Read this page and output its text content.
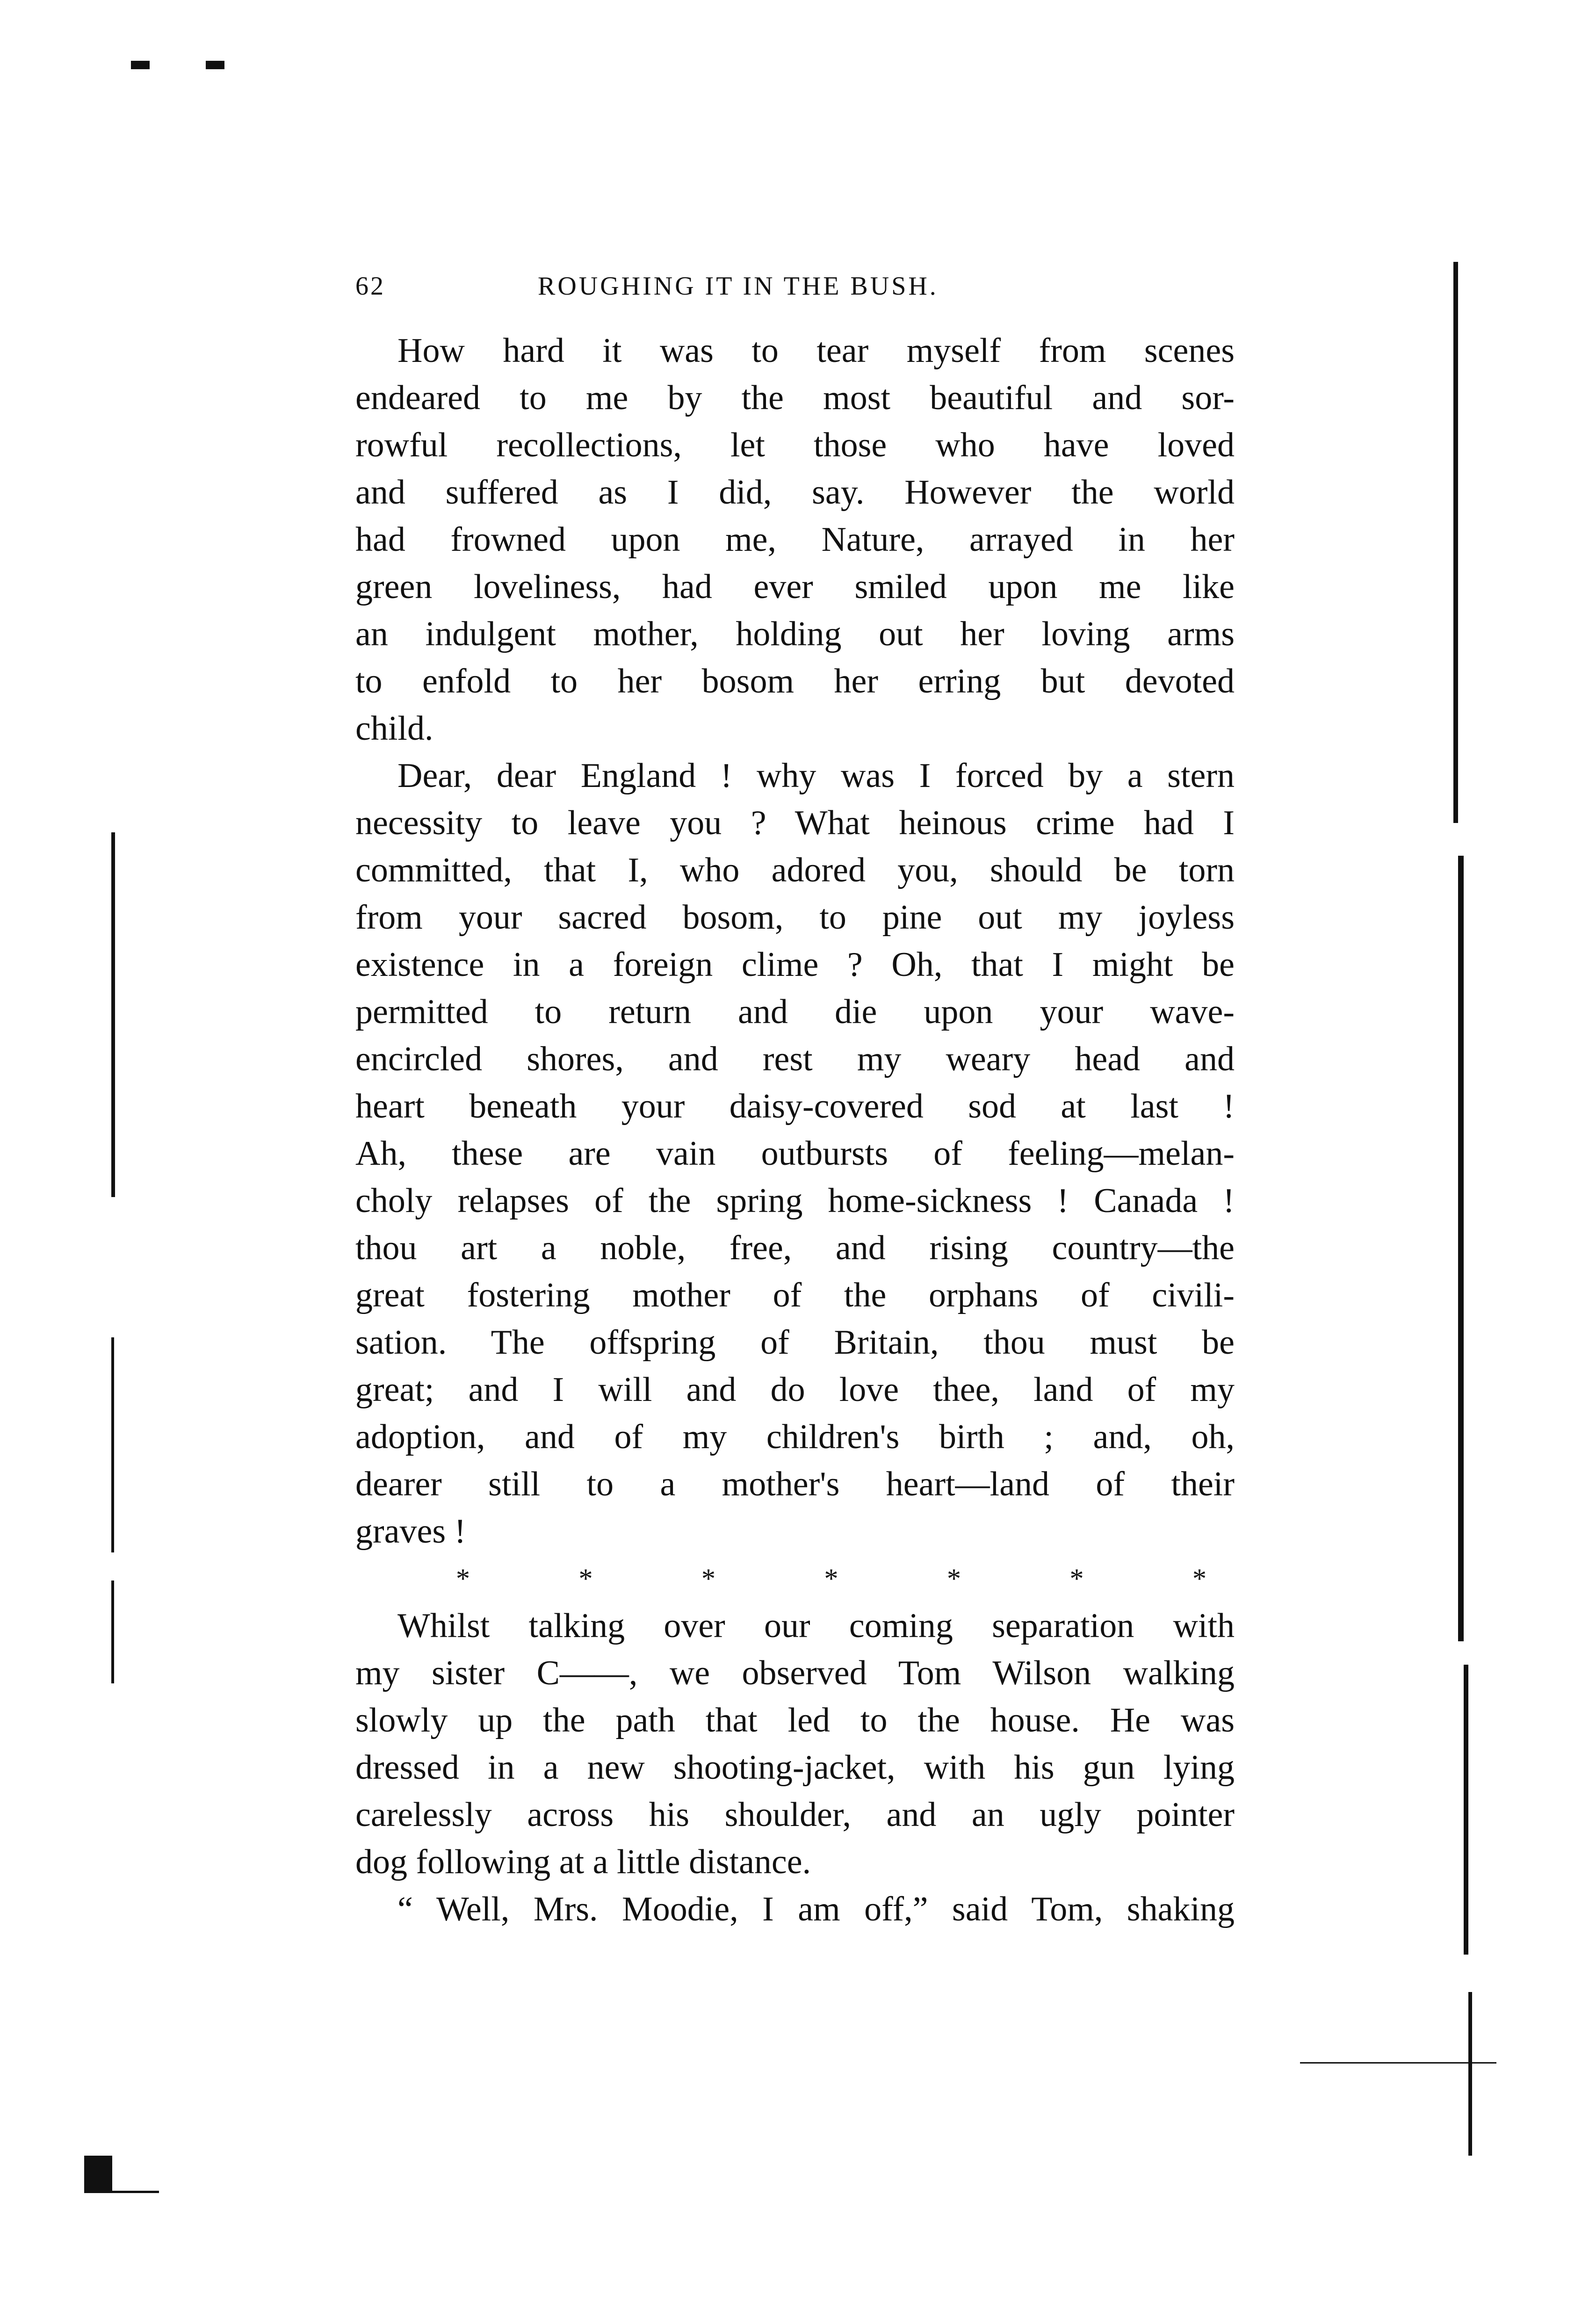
62	ROUGHING IT IN THE BUSH.
How hard it was to tear myself from scenes
endeared to me by the most beautiful and sor-
rowful recollections, let those who have loved
and suffered as I did, say. However the world
had frowned upon me, Nature, arrayed in her
green loveliness, had ever smiled upon me like
an indulgent mother, holding out her loving arms
to enfold to her bosom her erring but devoted
child.
Dear, dear England ! why was I forced by a stern
necessity to leave you ? What heinous crime had I
committed, that I, who adored you, should be torn
from your sacred bosom, to pine out my joyless
existence in a foreign clime ? Oh, that I might be
permitted to return and die upon your wave-
encircled shores, and rest my weary head and
heart beneath your daisy-covered sod at last !
Ah, these are vain outbursts of feeling—melan-
choly relapses of the spring home-sickness ! Canada !
thou art a noble, free, and rising country—the
great fostering mother of the orphans of civili-
sation. The offspring of Britain, thou must be
great; and I will and do love thee, land of my
adoption, and of my children's birth ; and, oh,
dearer still to a mother's heart—land of their
graves !
*	*	*	*	*	*	*
Whilst talking over our coming separation with
my sister C——, we observed Tom Wilson walking
slowly up the path that led to the house. He was
dressed in a new shooting-jacket, with his gun lying
carelessly across his shoulder, and an ugly pointer
dog following at a little distance.
“ Well, Mrs. Moodie, I am off,” said Tom, shaking
